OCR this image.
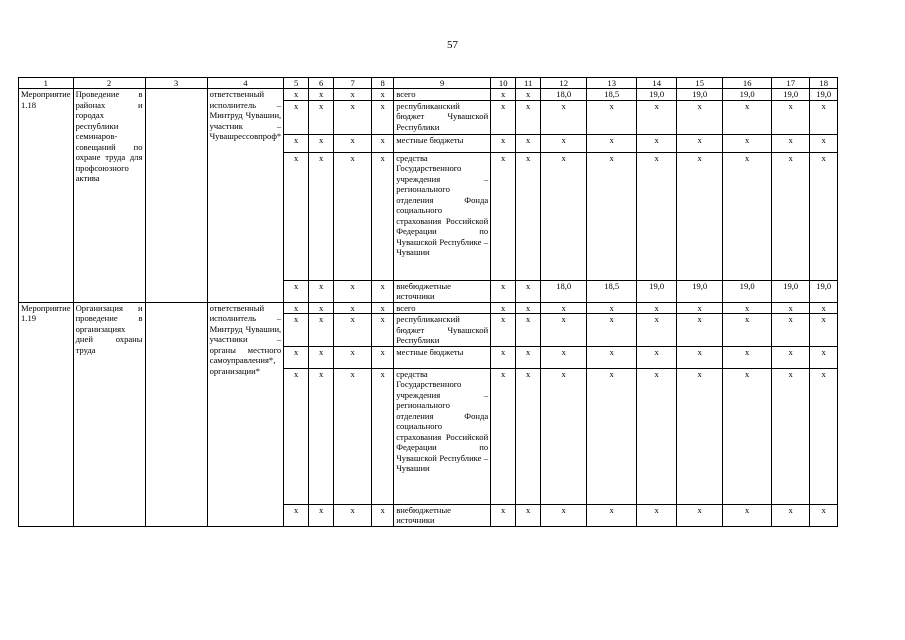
57
1	2	3	4	5	6	7	8	9	10	11	12	13	14	15	16	17	18
Мероприятие 1.18	Проведение в районах и городах республики семинаров-совещаний по охране труда для профсоюзного актива		ответственный исполнитель – Минтруд Чувашии, участник – Чувашрессовпроф*	x	x	x	x	всего	x	x	18,0	18,5	19,0	19,0	19,0	19,0	19,0
				x	x	x	x	республиканский бюджет Чувашской Республики	x	x	x	x	x	x	x	x	x
				x	x	x	x	местные бюджеты	x	x	x	x	x	x	x	x	x
				x	x	x	x	средства Государственного учреждения – регионального отделения Фонда социального страхования Российской Федерации по Чувашской Республике – Чувашии	x	x	x	x	x	x	x	x	x
				x	x	x	x	внебюджетные источники	x	x	18,0	18,5	19,0	19,0	19,0	19,0	19,0
Мероприятие 1.19	Организация и проведение в организациях дней охраны труда		ответственный исполнитель – Минтруд Чувашии, участники – органы местного самоуправления*, организации*	x	x	x	x	всего	x	x	x	x	x	x	x	x	x
				x	x	x	x	республиканский бюджет Чувашской Республики	x	x	x	x	x	x	x	x	x
				x	x	x	x	местные бюджеты	x	x	x	x	x	x	x	x	x
				x	x	x	x	средства Государственного учреждения – регионального отделения Фонда социального страхования Российской Федерации по Чувашской Республике – Чувашии	x	x	x	x	x	x	x	x	x
				x	x	x	x	внебюджетные источники	x	x	x	x	x	x	x	x	x
